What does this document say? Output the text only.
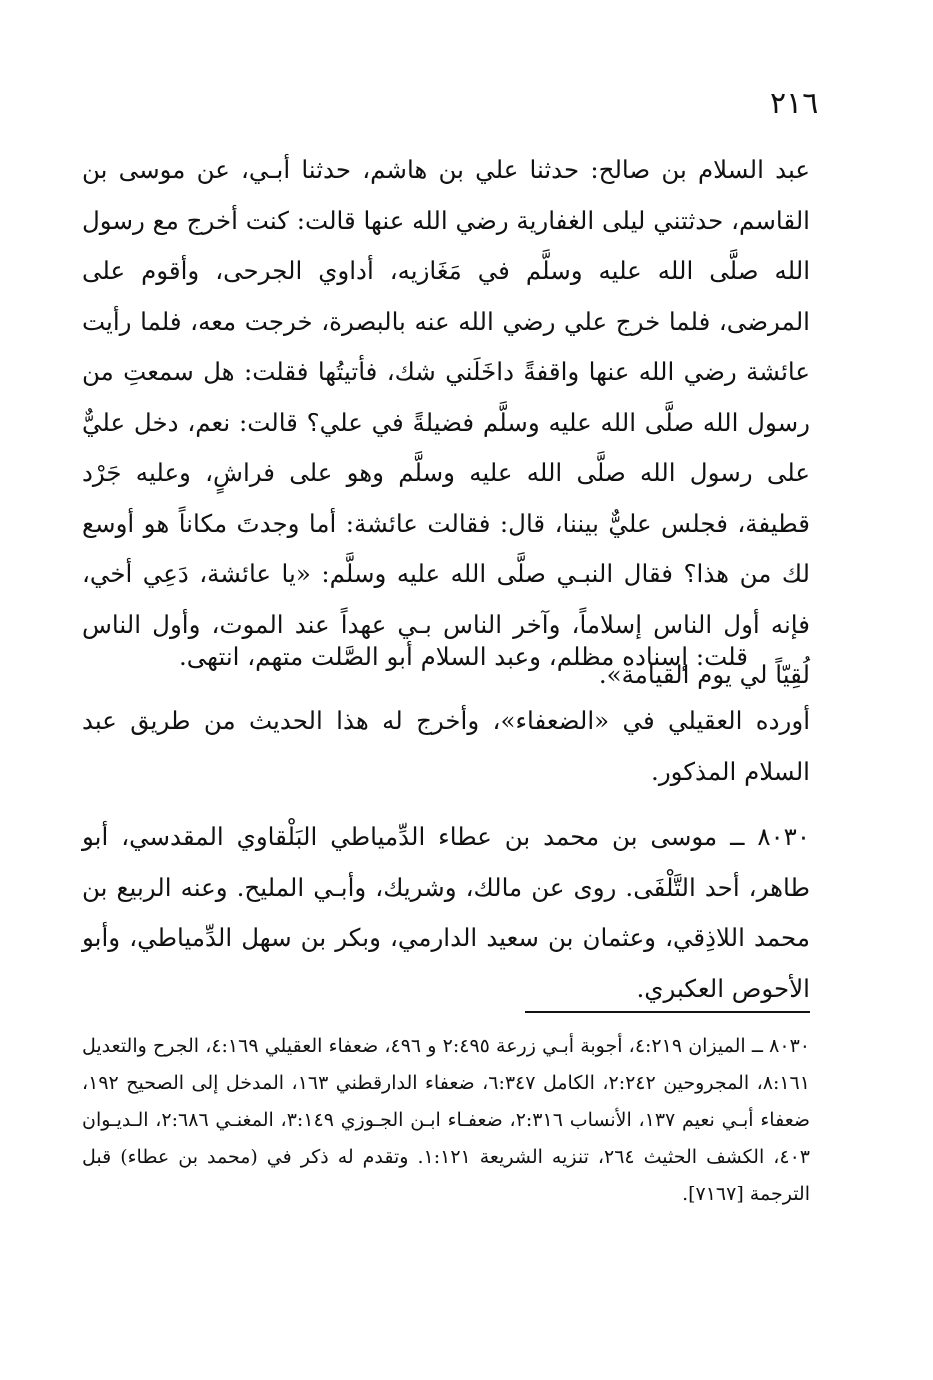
٢١٦

عبد السلام بن صالح: حدثنا علي بن هاشم، حدثنا أبـي، عن موسى بن القاسم، حدثتني ليلى الغفارية رضي الله عنها قالت: كنت أخرج مع رسول الله صلَّى الله عليه وسلَّم في مَغَازيه، أداوي الجرحى، وأقوم على المرضى، فلما خرج علي رضي الله عنه بالبصرة، خرجت معه، فلما رأيت عائشة رضي الله عنها واقفةً داخَلَني شك، فأتيتُها فقلت: هل سمعتِ من رسول الله صلَّى الله عليه وسلَّم فضيلةً في علي؟ قالت: نعم، دخل عليٌّ على رسول الله صلَّى الله عليه وسلَّم وهو على فراشٍ، وعليه جَرْد قطيفة، فجلس عليٌّ بيننا، قال: فقالت عائشة: أما وجدتَ مكاناً هو أوسع لك من هذا؟ فقال النبـي صلَّى الله عليه وسلَّم: «يا عائشة، دَعِي أخي، فإنه أول الناس إسلاماً، وآخر الناس بـي عهداً عند الموت، وأول الناس لُقِيّاً لي يوم القيامة».

قلت: إسناده مظلم، وعبد السلام أبو الصَّلت متهم، انتهى.

أورده العقيلي في «الضعفاء»، وأخرج له هذا الحديث من طريق عبد السلام المذكور.

٨٠٣٠ ــ موسى بن محمد بن عطاء الدِّمياطي البَلْقاوي المقدسي، أبو طاهر، أحد التَّلْفَى. روى عن مالك، وشريك، وأبـي المليح. وعنه الربيع بن محمد اللاذِقي، وعثمان بن سعيد الدارمي، وبكر بن سهل الدِّمياطي، وأبو الأحوص العكبري.

٨٠٣٠ ــ الميزان ٤:٢١٩، أجوبة أبـي زرعة ٢:٤٩٥ و ٤٩٦، ضعفاء العقيلي ٤:١٦٩، الجرح والتعديل ٨:١٦١، المجروحين ٢:٢٤٢، الكامل ٦:٣٤٧، ضعفاء الدارقطني ١٦٣، المدخل إلى الصحيح ١٩٢، ضعفاء أبـي نعيم ١٣٧، الأنساب ٢:٣١٦، ضعفـاء ابـن الجـوزي ٣:١٤٩، المغنـي ٢:٦٨٦، الـديـوان ٤٠٣، الكشف الحثيث ٢٦٤، تنزيه الشريعة ١:١٢١. وتقدم له ذكر في (محمد بن عطاء) قبل الترجمة [٧١٦٧].
